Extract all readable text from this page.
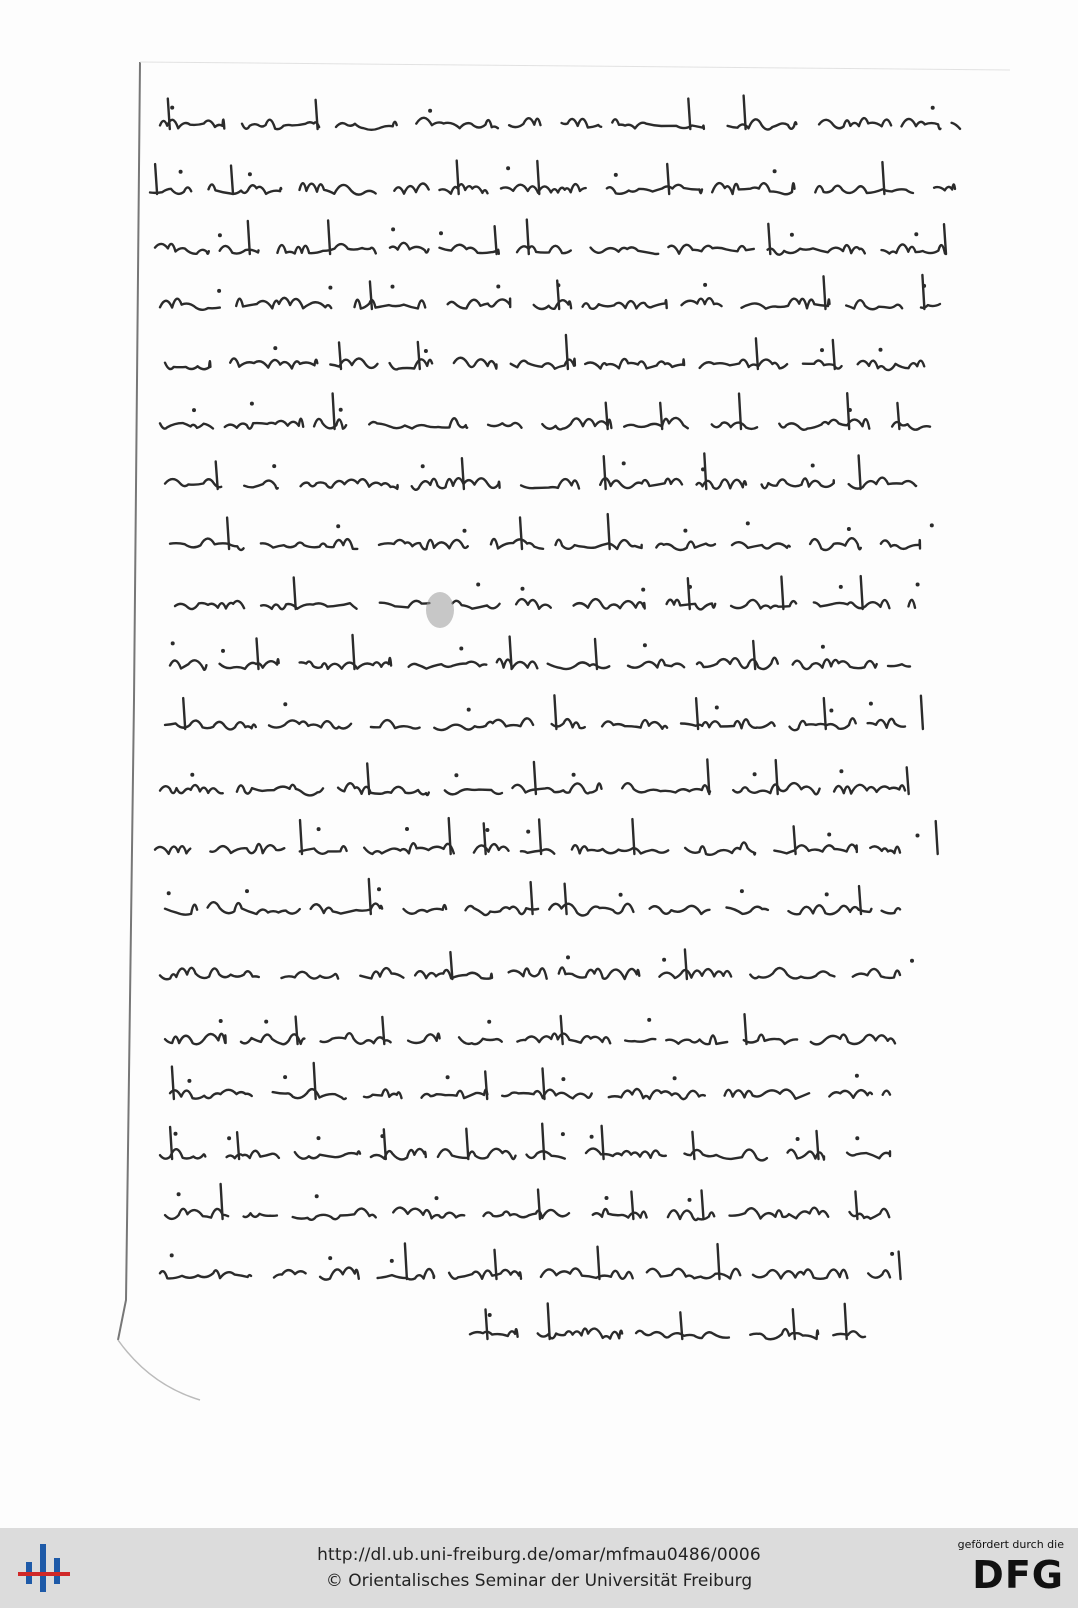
http://dl.ub.uni-freiburg.de/omar/mfmau0486/0006
© Orientalisches Seminar der Universität Freiburg
gefördert durch die
DFG
